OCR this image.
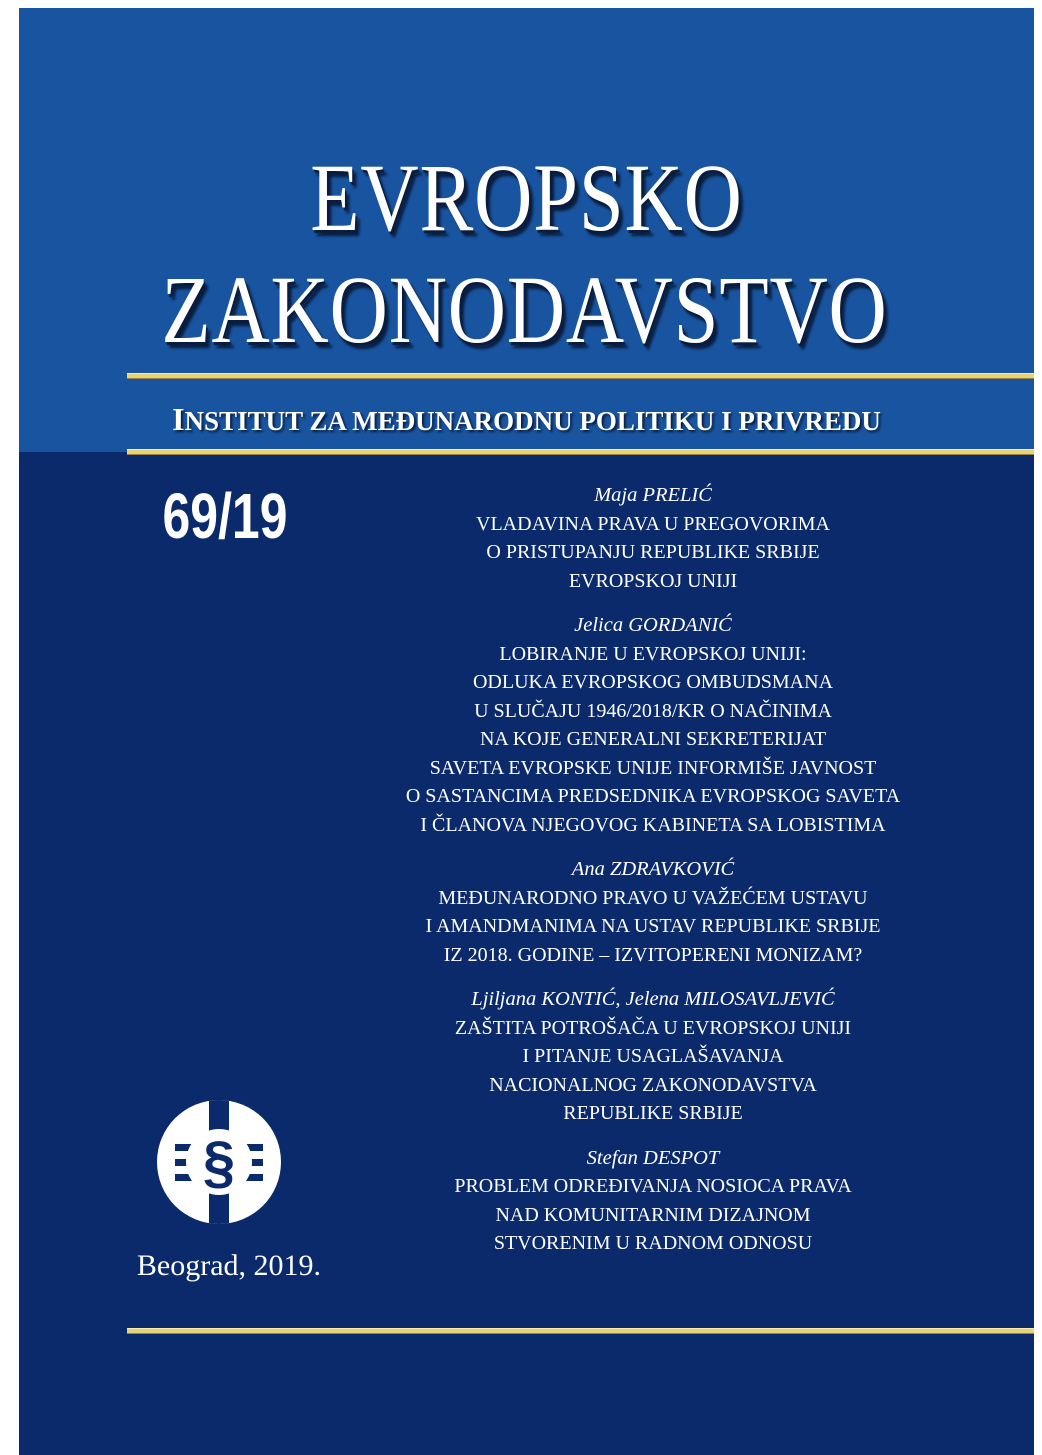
EVROPSKO
ZAKONODAVSTVO
INSTITUT ZA MEĐUNARODNU POLITIKU I PRIVREDU
69/19	Maja PRELIĆ
VLADAVINA PRAVA U PREGOVORIMA
O PRISTUPANJU REPUBLIKE SRBIJE
EVROPSKOJ UNIJI
Jelica GORDANIĆ
LOBIRANJE U EVROPSKOJ UNIJI:
ODLUKA EVROPSKOG OMBUDSMANA
U SLUČAJU 1946/2018/KR O NAČINIMA
NA KOJE GENERALNI SEKRETERIJAT
SAVETA EVROPSKE UNIJE INFORMIŠE JAVNOST
O SASTANCIMA PREDSEDNIKA EVROPSKOG SAVETA
I ČLANOVA NJEGOVOG KABINETA SA LOBISTIMA
Ana ZDRAVKOVIĆ
MEĐUNARODNO PRAVO U VAŽEĆEM USTAVU
I AMANDMANIMA NA USTAV REPUBLIKE SRBIJE
IZ 2018. GODINE – IZVITOPERENI MONIZAM?
Ljiljana KONTIĆ, Jelena MILOSAVLJEVIĆ
ZAŠTITA POTROŠAČA U EVROPSKOJ UNIJI
I PITANJE USAGLAŠAVANJA
NACIONALNOG ZAKONODAVSTVA
REPUBLIKE SRBIJE
Stefan DESPOT
PROBLEM ODREĐIVANJA NOSIOCA PRAVA
NAD KOMUNITARNIM DIZAJNOM
STVORENIM U RADNOM ODNOSU
§
Beograd, 2019.
